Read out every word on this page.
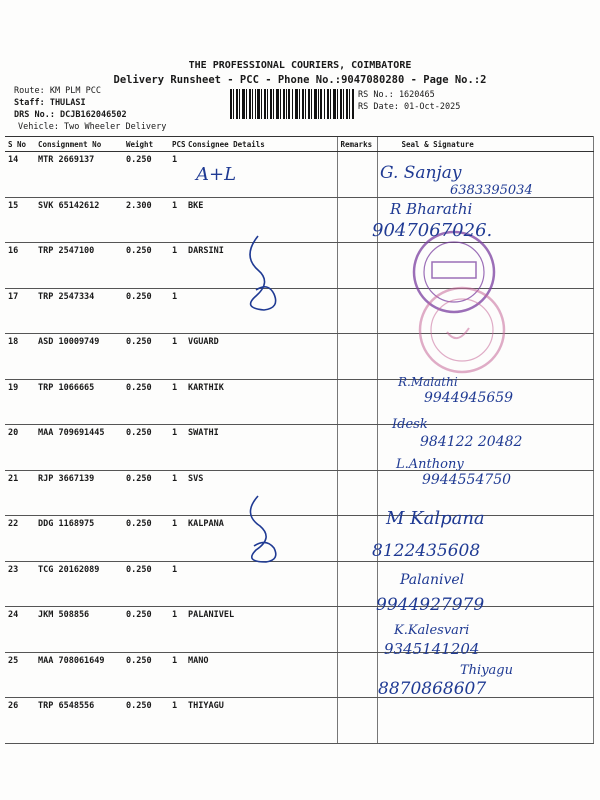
THE PROFESSIONAL COURIERS, COIMBATORE
Delivery Runsheet - PCC - Phone No.:9047080280 - Page No.:2
Route: KM PLM PCC
Staff: THULASI
DRS No.: DCJB162046502
Vehicle: Two Wheeler Delivery
RS No.: 1620465
RS Date: 01-Oct-2025
S No	Consignment No	Weight	PCS	Consignee Details	Remarks	Seal & Signature
14	MTR 2669137	0.250	1			
15	SVK 65142612	2.300	1	BKE		
16	TRP 2547100	0.250	1	DARSINI		
17	TRP 2547334	0.250	1			
18	ASD 10009749	0.250	1	VGUARD		
19	TRP 1066665	0.250	1	KARTHIK		
20	MAA 709691445	0.250	1	SWATHI		
21	RJP 3667139	0.250	1	SVS		
22	DDG 1168975	0.250	1	KALPANA		
23	TCG 20162089	0.250	1			
24	JKM 508856	0.250	1	PALANIVEL		
25	MAA 708061649	0.250	1	MANO		
26	TRP 6548556	0.250	1	THIYAGU		
A+L	G. Sanjay
6383395034
R Bharathi
9047067026.
R.Malathi
9944945659
Idesk
984122 20482
L.Anthony
9944554750
M Kalpana
8122435608
Palanivel
9944927979
K.Kalesvari
9345141204
Thiyagu
8870868607
